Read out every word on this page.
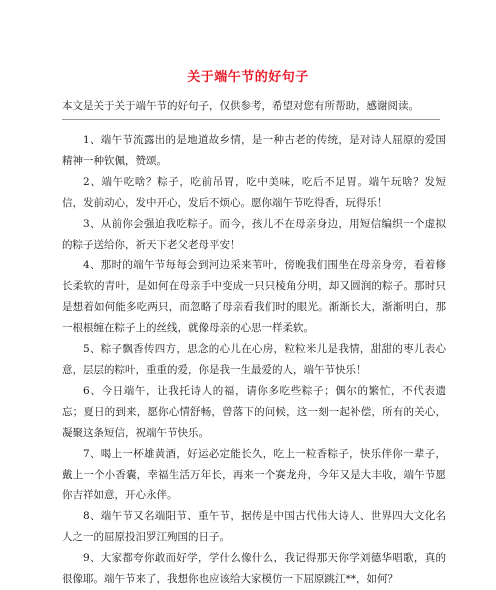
关于端午节的好句子
本文是关于关于端午节的好句子，仅供参考，希望对您有所帮助，感谢阅读。

1、端午节流露出的是地道故乡情，是一种古老的传统，是对诗人屈原的爱国精神一种钦佩，赞颂。

2、端午吃啥？粽子，吃前吊胃，吃中美味，吃后不足胃。端午玩啥？发短信，发前动心，发中开心，发后不烦心。愿你端午节吃得香，玩得乐！

3、从前你会强迫我吃粽子。而今，孩儿不在母亲身边，用短信编织一个虚拟的粽子送给你，祈天下老父老母平安！

4、那时的端午节每每会到河边采来苇叶，傍晚我们围坐在母亲身旁，看着修长柔软的青叶，是如何在母亲手中变成一只只棱角分明，却又圆润的粽子。那时只是想着如何能多吃两只，而忽略了母亲看我们时的眼光。渐渐长大，渐渐明白，那一根根缠在粽子上的丝线，就像母亲的心思一样柔软。

5、粽子飘香传四方，思念的心儿在心房，粒粒米儿是我情，甜甜的枣儿表心意，层层的粽叶，重重的爱，你是我一生最爱的人，端午节快乐！

6、今日端午，让我托诗人的福，请你多吃些粽子；偶尔的繁忙，不代表遗忘；夏日的到来，愿你心情舒畅，曾落下的问候，这一刻一起补偿，所有的关心，凝聚这条短信，祝端午节快乐。

7、喝上一杯雄黄酒，好运必定能长久，吃上一粒香粽子，快乐伴你一辈子，戴上一个小香囊，幸福生活万年长，再来一个赛龙舟，今年又是大丰收，端午节愿你吉祥如意，开心永伴。

8、端午节又名端阳节、重午节，据传是中国古代伟大诗人、世界四大文化名人之一的屈原投汨罗江殉国的日子。

9、大家都夸你敢而好学，学什么像什么，我记得那天你学刘德华唱歌，真的很像耶。端午节来了，我想你也应该给大家模仿一下屈原跳江**，如何？
